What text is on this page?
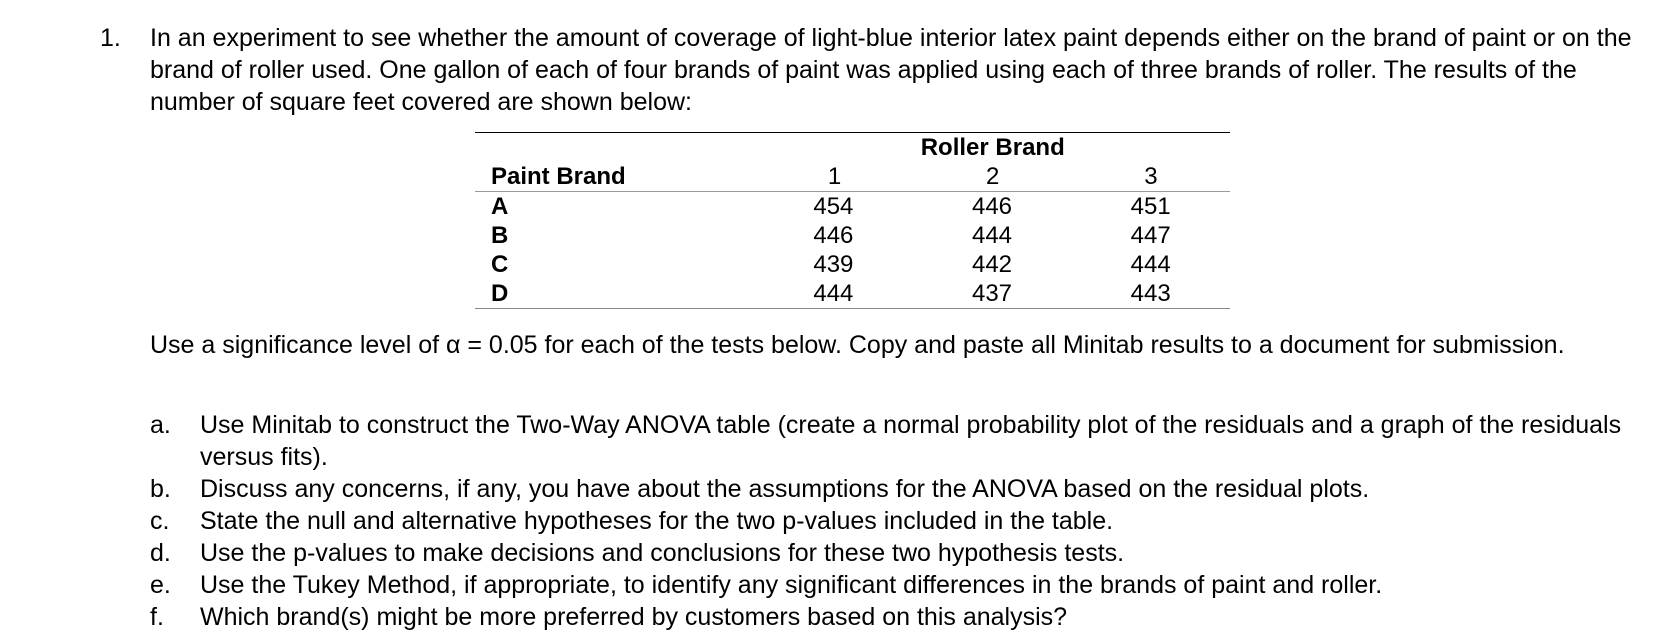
1. In an experiment to see whether the amount of coverage of light-blue interior latex paint depends either on the brand of paint or on the brand of roller used. One gallon of each of four brands of paint was applied using each of three brands of roller. The results of the number of square feet covered are shown below:
	Roller Brand		
Paint Brand	1	2	3
A	454	446	451
B	446	444	447
C	439	442	444
D	444	437	443
Use a significance level of α = 0.05 for each of the tests below. Copy and paste all Minitab results to a document for submission.
a. Use Minitab to construct the Two-Way ANOVA table (create a normal probability plot of the residuals and a graph of the residuals versus fits).
b. Discuss any concerns, if any, you have about the assumptions for the ANOVA based on the residual plots.
c. State the null and alternative hypotheses for the two p-values included in the table.
d. Use the p-values to make decisions and conclusions for these two hypothesis tests.
e. Use the Tukey Method, if appropriate, to identify any significant differences in the brands of paint and roller.
f. Which brand(s) might be more preferred by customers based on this analysis?
